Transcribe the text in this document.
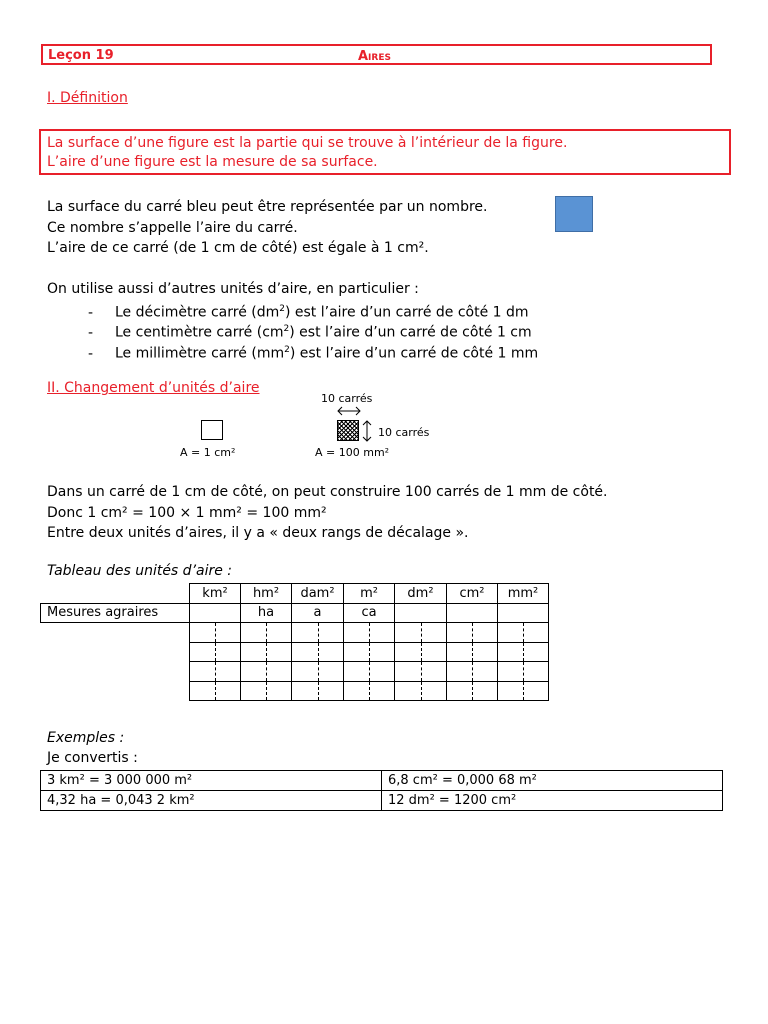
Leçon 19	Aires
I. Définition
La surface d’une figure est la partie qui se trouve à l’intérieur de la figure.
L’aire d’une figure est la mesure de sa surface.
La surface du carré bleu peut être représentée par un nombre.
Ce nombre s’appelle l’aire du carré.
L’aire de ce carré (de 1 cm de côté) est égale à 1 cm².
On utilise aussi d’autres unités d’aire, en particulier :
- Le décimètre carré $(dm^2)$ est l’aire d’un carré de côté 1 dm
- Le centimètre carré $(cm^2)$ est l’aire d’un carré de côté 1 cm
- Le millimètre carré $(mm^2)$ est l’aire d’un carré de côté 1 mm
II. Changement d’unités d’aire
A = 1 cm²
10 carrés
10 carrés
A = 100 mm²
Dans un carré de 1 cm de côté, on peut construire 100 carrés de 1 mm de côté.
Donc 1 cm² = 100 × 1 mm² = 100 mm²
Entre deux unités d’aires, il y a « deux rangs de décalage ».
Tableau des unités d’aire :
	km²	hm²	dam²	m²	dm²	cm²	mm²
Mesures agraires		ha	a	ca			

Exemples :
Je convertis :
3 km² = 3 000 000 m²	6,8 cm² = 0,000 68 m²
4,32 ha = 0,043 2 km²	12 dm² = 1200 cm²
